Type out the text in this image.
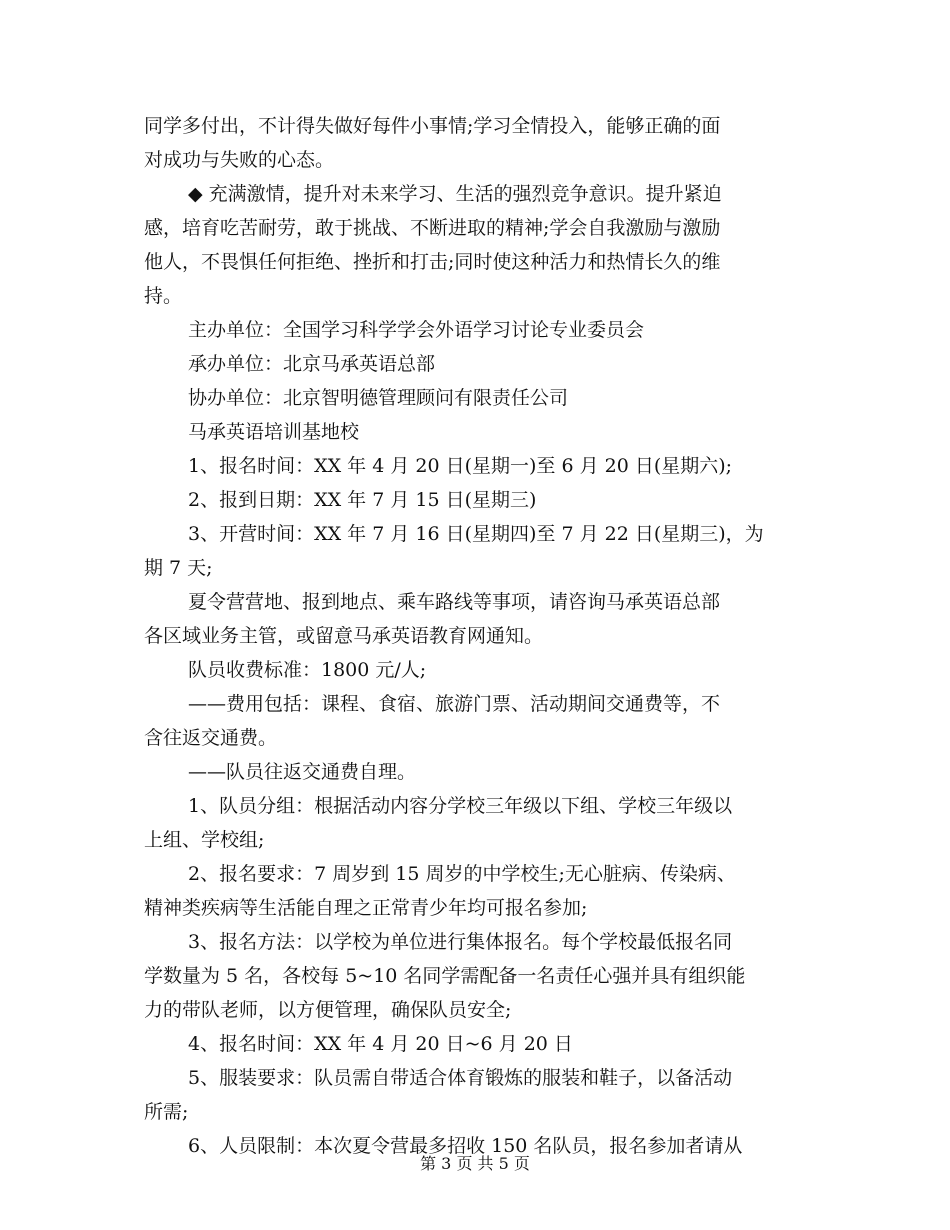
同学多付出，不计得失做好每件小事情;学习全情投入，能够正确的面
对成功与失败的心态。
◆ 充满激情，提升对未来学习、生活的强烈竞争意识。提升紧迫
感，培育吃苦耐劳，敢于挑战、不断进取的精神;学会自我激励与激励
他人，不畏惧任何拒绝、挫折和打击;同时使这种活力和热情长久的维
持。
主办单位：全国学习科学学会外语学习讨论专业委员会
承办单位：北京马承英语总部
协办单位：北京智明德管理顾问有限责任公司
马承英语培训基地校
1、报名时间：XX 年 4 月 20 日(星期一)至 6 月 20 日(星期六);
2、报到日期：XX 年 7 月 15 日(星期三)
3、开营时间：XX 年 7 月 16 日(星期四)至 7 月 22 日(星期三)，为
期 7 天;
夏令营营地、报到地点、乘车路线等事项，请咨询马承英语总部
各区域业务主管，或留意马承英语教育网通知。
队员收费标准：1800 元/人;
——费用包括：课程、食宿、旅游门票、活动期间交通费等，不
含往返交通费。
——队员往返交通费自理。
1、队员分组：根据活动内容分学校三年级以下组、学校三年级以
上组、学校组;
2、报名要求：7 周岁到 15 周岁的中学校生;无心脏病、传染病、
精神类疾病等生活能自理之正常青少年均可报名参加;
3、报名方法：以学校为单位进行集体报名。每个学校最低报名同
学数量为 5 名，各校每 5~10 名同学需配备一名责任心强并具有组织能
力的带队老师，以方便管理，确保队员安全;
4、报名时间：XX 年 4 月 20 日~6 月 20 日
5、服装要求：队员需自带适合体育锻炼的服装和鞋子，以备活动
所需;
6、人员限制：本次夏令营最多招收 150 名队员，报名参加者请从
第 3 页 共 5 页
